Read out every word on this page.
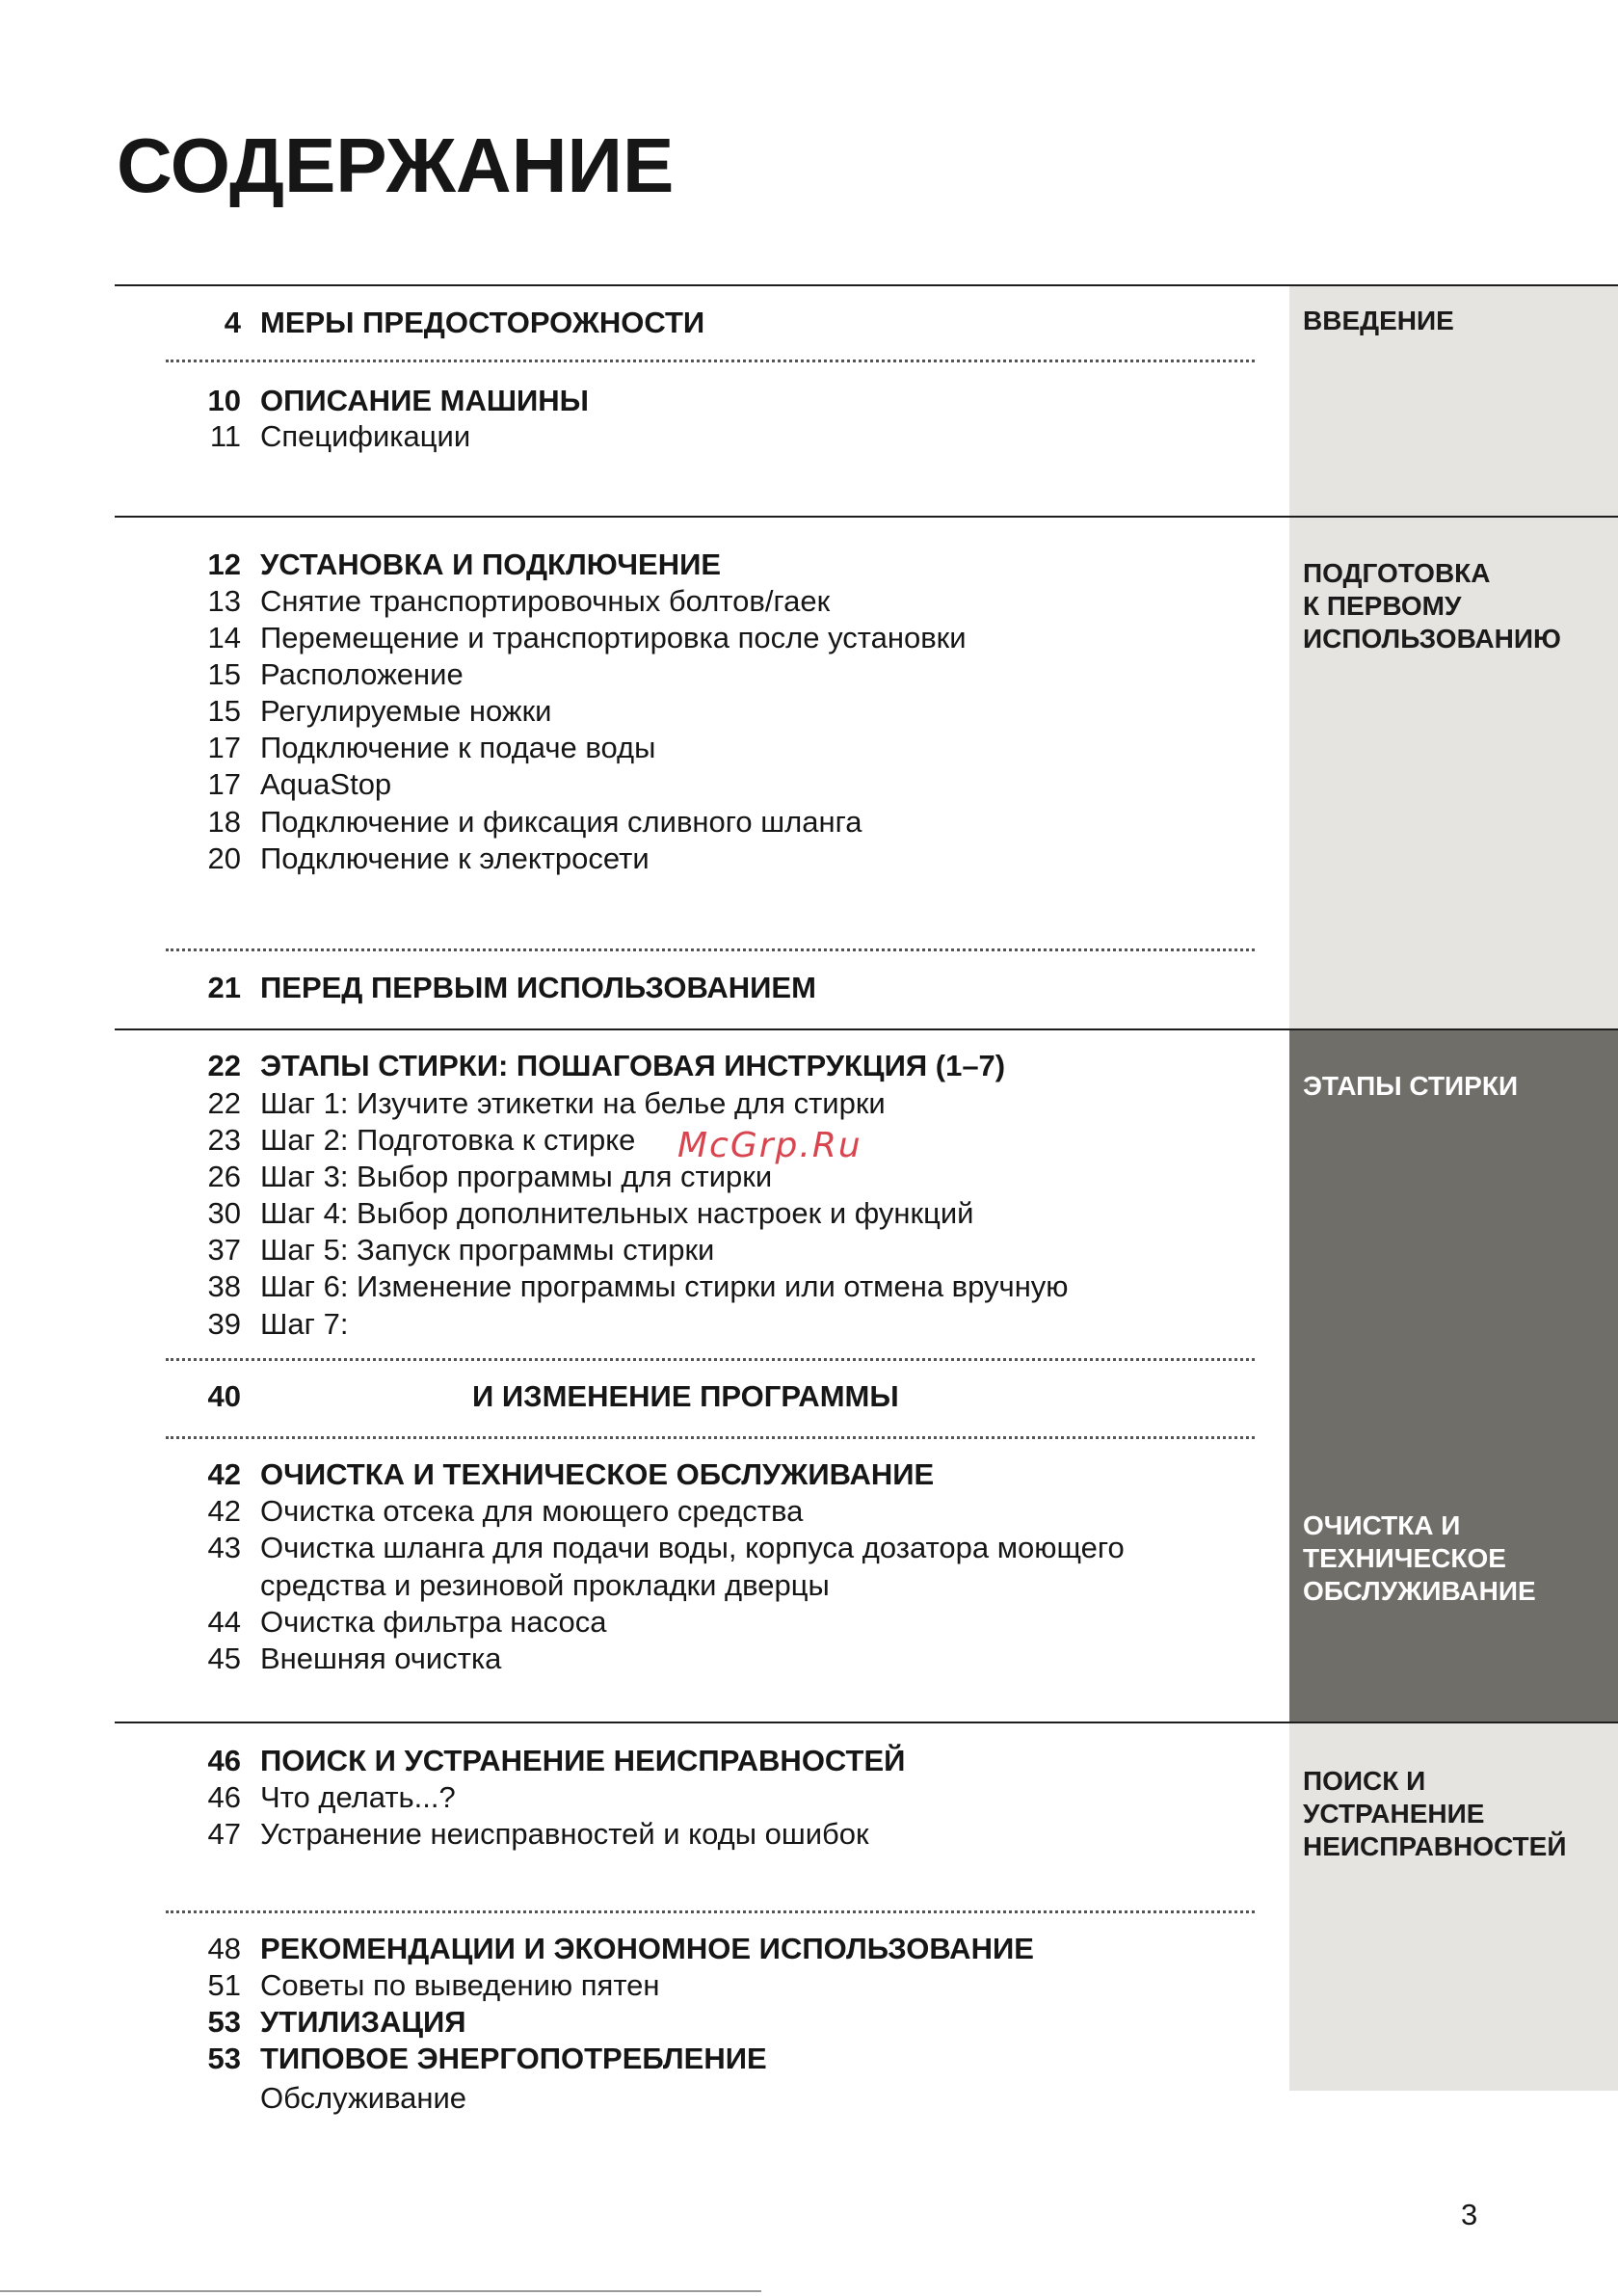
СОДЕРЖАНИЕ

ВВЕДЕНИЕ

ПОДГОТОВКА
К ПЕРВОМУ
ИСПОЛЬЗОВАНИЮ

ЭТАПЫ СТИРКИ

ОЧИСТКА И
ТЕХНИЧЕСКОЕ
ОБСЛУЖИВАНИЕ

ПОИСК И
УСТРАНЕНИЕ
НЕИСПРАВНОСТЕЙ

4 МЕРЫ ПРЕДОСТОРОЖНОСТИ
10 ОПИСАНИЕ МАШИНЫ
11 Спецификации
12 УСТАНОВКА И ПОДКЛЮЧЕНИЕ
13 Снятие транспортировочных болтов/гаек
14 Перемещение и транспортировка после установки
15 Расположение
15 Регулируемые ножки
17 Подключение к подаче воды
17 AquaStop
18 Подключение и фиксация сливного шланга
20 Подключение к электросети
21 ПЕРЕД ПЕРВЫМ ИСПОЛЬЗОВАНИЕМ
22 ЭТАПЫ СТИРКИ: ПОШАГОВАЯ ИНСТРУКЦИЯ (1–7)
22 Шаг 1: Изучите этикетки на белье для стирки
23 Шаг 2: Подготовка к стирке
26 Шаг 3: Выбор программы для стирки
30 Шаг 4: Выбор дополнительных настроек и функций
37 Шаг 5: Запуск программы стирки
38 Шаг 6: Изменение программы стирки или отмена вручную
39 Шаг 7:
40	И ИЗМЕНЕНИЕ ПРОГРАММЫ
42 ОЧИСТКА И ТЕХНИЧЕСКОЕ ОБСЛУЖИВАНИЕ
42 Очистка отсека для моющего средства
43 Очистка шланга для подачи воды, корпуса дозатора моющего
средства и резиновой прокладки дверцы
44 Очистка фильтра насоса
45 Внешняя очистка
46 ПОИСК И УСТРАНЕНИЕ НЕИСПРАВНОСТЕЙ
46 Что делать...?
47 Устранение неисправностей и коды ошибок
48 РЕКОМЕНДАЦИИ И ЭКОНОМНОЕ ИСПОЛЬЗОВАНИЕ
51 Советы по выведению пятен
53 УТИЛИЗАЦИЯ
53 ТИПОВОЕ ЭНЕРГОПОТРЕБЛЕНИЕ
Обслуживание
McGrp.Ru
3
